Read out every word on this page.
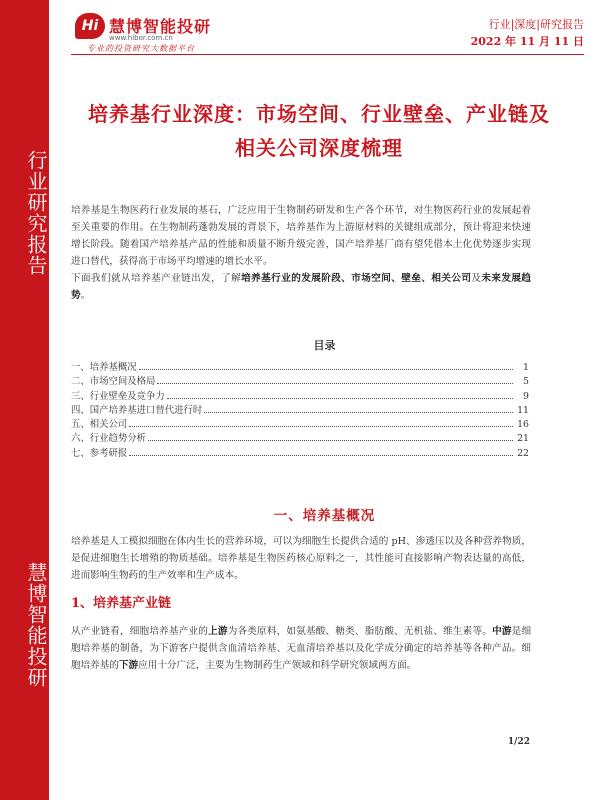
行业研究报告
慧博智能投研
Hi 慧博智能投研
www.hibor.com.cn
专业的投资研究大数据平台
行业|深度|研究报告
2022 年 11 月 11 日
培养基行业深度：市场空间、行业壁垒、产业链及相关公司深度梳理
培养基是生物医药行业发展的基石，广泛应用于生物制药研发和生产各个环节，对生物医药行业的发展起着至关重要的作用。在生物制药蓬勃发展的背景下，培养基作为上游原材料的关键组成部分，预计将迎来快速增长阶段。随着国产培养基产品的性能和质量不断升级完善，国产培养基厂商有望凭借本土化优势逐步实现进口替代，获得高于市场平均增速的增长水平。
下面我们就从培养基产业链出发，了解培养基行业的发展阶段、市场空间、壁垒、相关公司及未来发展趋势。
目录
一、培养基概况	1
二、市场空间及格局	5
三、行业壁垒及竞争力	9
四、国产培养基进口替代进行时	11
五、相关公司	16
六、行业趋势分析	21
七、参考研报	22
一、培养基概况
培养基是人工模拟细胞在体内生长的营养环境，可以为细胞生长提供合适的 pH、渗透压以及各种营养物质，是促进细胞生长增殖的物质基础。培养基是生物医药核心原料之一，其性能可直接影响产物表达量的高低，进而影响生物药的生产效率和生产成本。
1、培养基产业链
从产业链看，细胞培养基产业的上游为各类原料，如氨基酸、糖类、脂肪酸、无机盐、维生素等。中游是细胞培养基的制备，为下游客户提供含血清培养基、无血清培养基以及化学成分确定的培养基等各种产品。细胞培养基的下游应用十分广泛，主要为生物制药生产领域和科学研究领域两方面。
1/22
